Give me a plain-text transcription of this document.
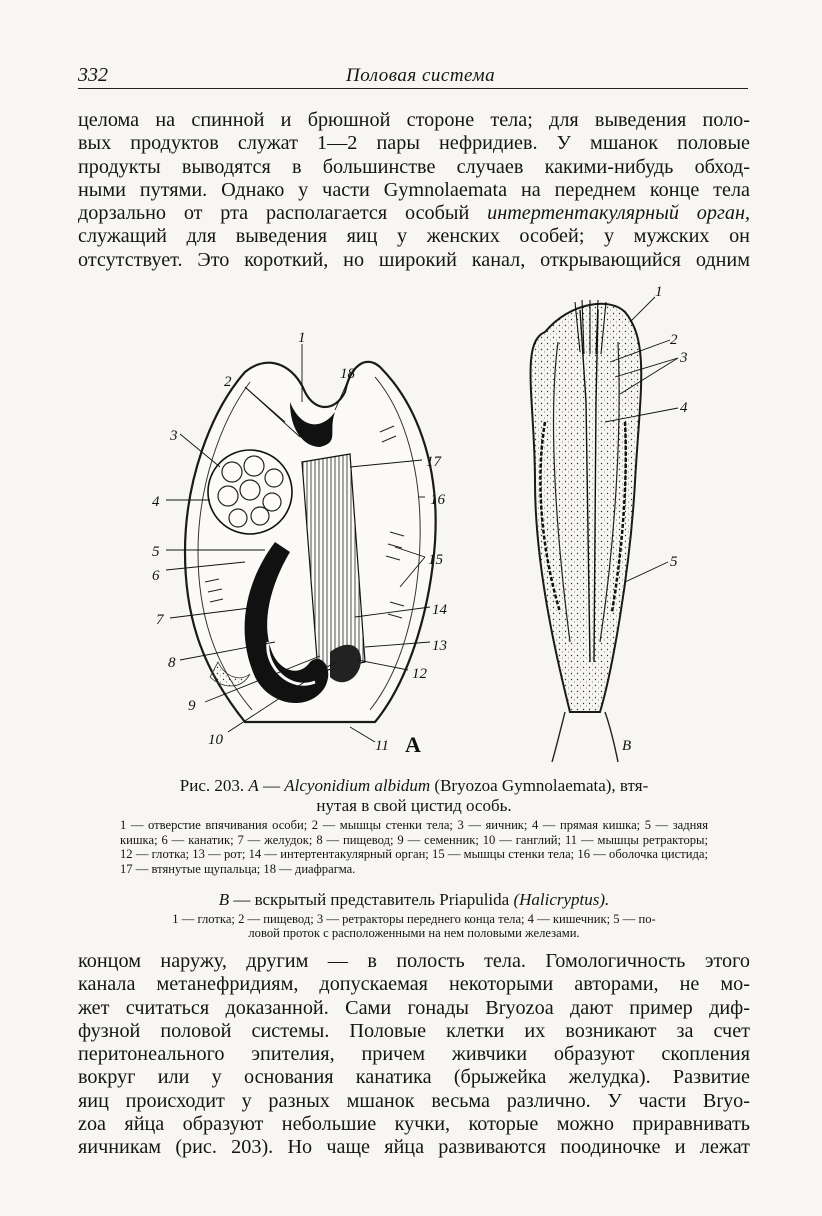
332	Половая система
целома на спинной и брюшной стороне тела; для выведения поло-
вых продуктов служат 1—2 пары нефридиев. У мшанок половые
продукты выводятся в большинстве случаев какими-нибудь обход-
ными путями. Однако у части Gymnolaemata на переднем конце тела
дорзально от рта располагается особый интертентакулярный орган,
служащий для выведения яиц у женских особей; у мужских он
отсутствует. Это короткий, но широкий канал, открывающийся одним
1
2
3
4
5
6
7
8
9
10	11
12
13
14
15
16
17
18
А
1
2
3
4
5
В
Рис. 203. А — Alcyonidium albidum (Bryozoa Gymnolaemata), втя-
нутая в свой цистид особь.
1 — отверстие впячивания особи; 2 — мышцы стенки тела; 3 — яичник; 4 — прямая кишка; 5 — задняя кишка; 6 — канатик; 7 — желудок; 8 — пищевод; 9 — семенник; 10 — ганглий; 11 — мышцы ретракторы; 12 — глотка; 13 — рот; 14 — интертентакулярный орган; 15 — мышцы стенки тела; 16 — оболочка цистида; 17 — втянутые щупальца; 18 — диафрагма.
В — вскрытый представитель Priapulida (Halicryptus).
1 — глотка; 2 — пищевод; 3 — ретракторы переднего конца тела; 4 — кишечник; 5 — по-
ловой проток с расположенными на нем половыми железами.
концом наружу, другим — в полость тела. Гомологичность этого
канала метанефридиям, допускаемая некоторыми авторами, не мо-
жет считаться доказанной. Сами гонады Bryozoa дают пример диф-
фузной половой системы. Половые клетки их возникают за счет
перитонеального эпителия, причем живчики образуют скопления
вокруг или у основания канатика (брыжейка желудка). Развитие
яиц происходит у разных мшанок весьма различно. У части Bryo-
zoa яйца образуют небольшие кучки, которые можно приравнивать
яичникам (рис. 203). Но чаще яйца развиваются поодиночке и лежат
